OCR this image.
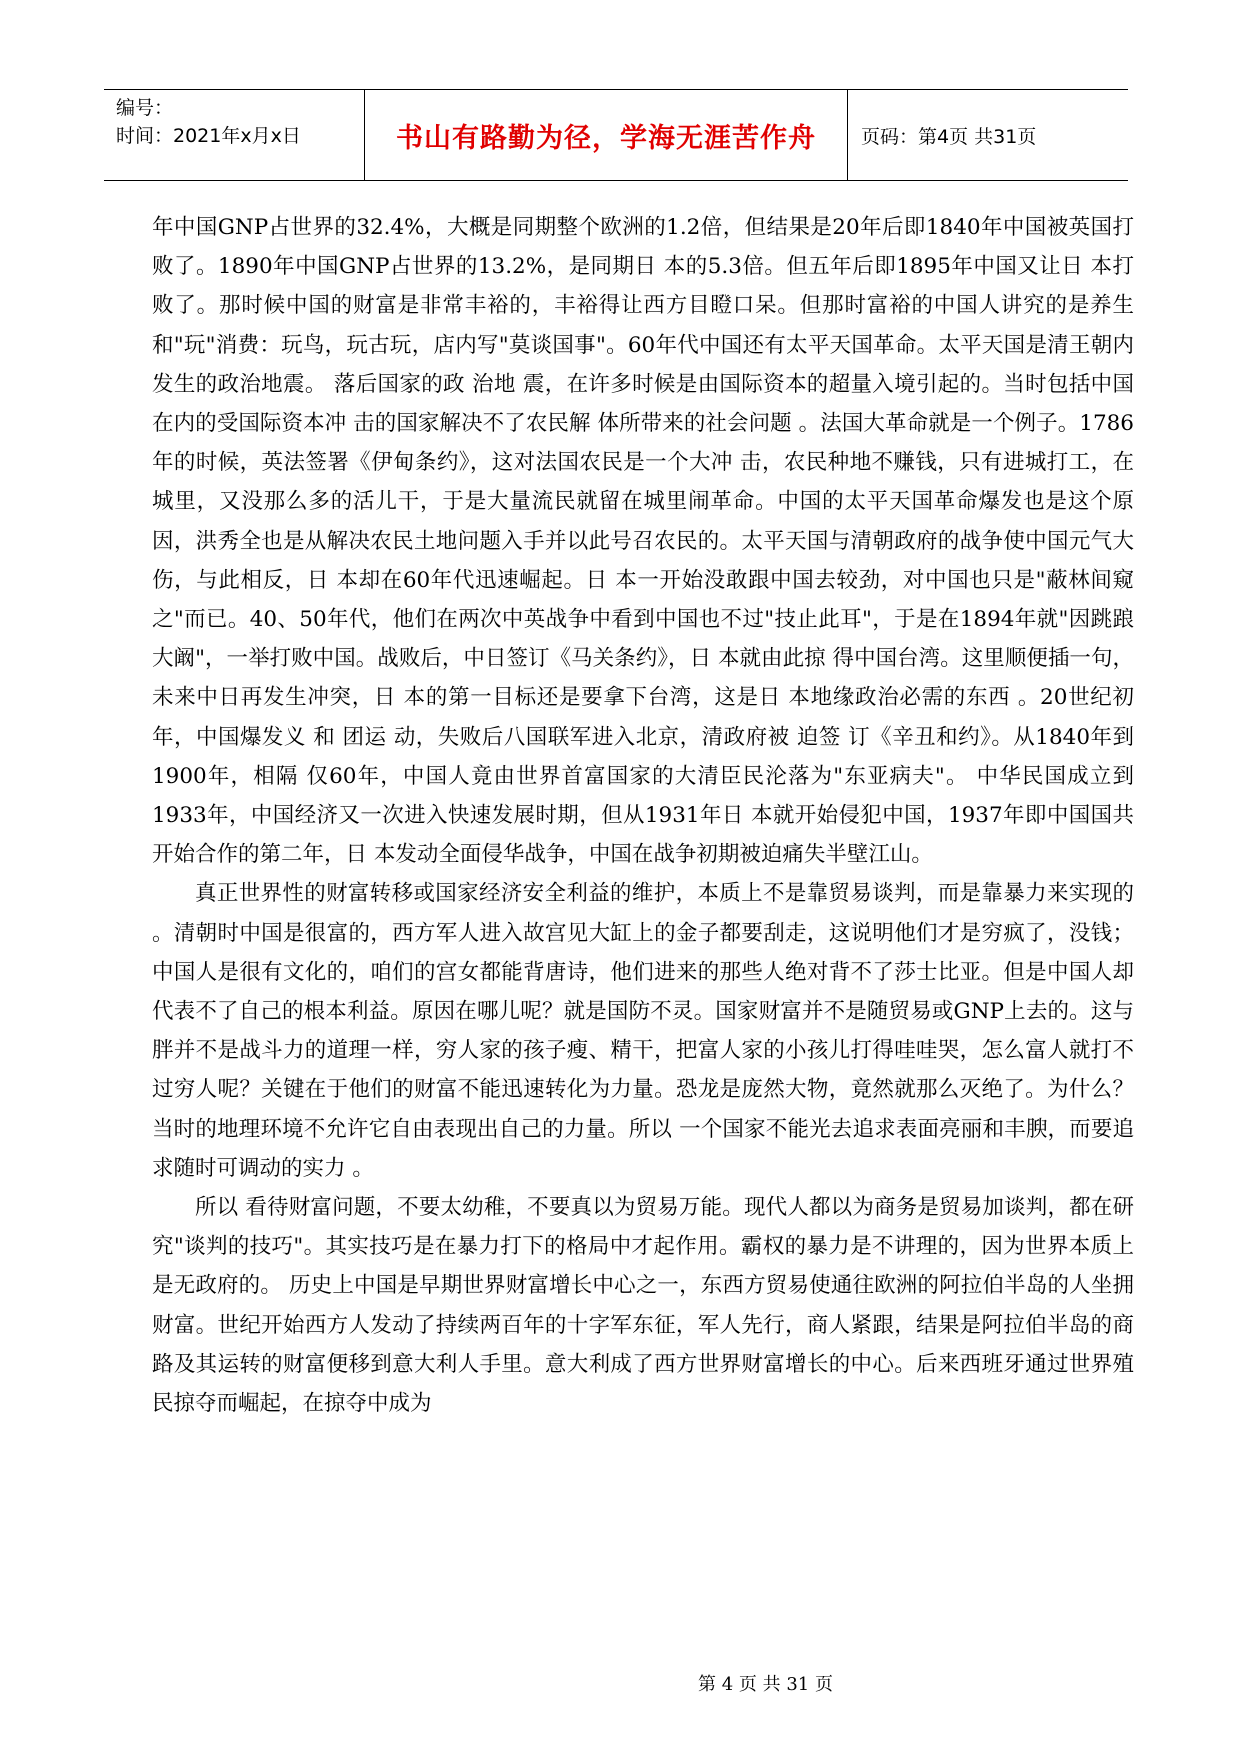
编号：
时间：2021年x月x日	书山有路勤为径，学海无涯苦作舟	页码：第4页 共31页

年中国GNP占世界的32.4%，大概是同期整个欧洲的1.2倍，但结果是20年后即1840年中国被英国打败了。1890年中国GNP占世界的13.2%，是同期日 本的5.3倍。但五年后即1895年中国又让日 本打败了。那时候中国的财富是非常丰裕的，丰裕得让西方目瞪口呆。但那时富裕的中国人讲究的是养生和"玩"消费：玩鸟，玩古玩，店内写"莫谈国事"。60年代中国还有太平天国革命。太平天国是清王朝内发生的政治地震。 落后国家的政 治地 震，在许多时候是由国际资本的超量入境引起的。当时包括中国在内的受国际资本冲 击的国家解决不了农民解 体所带来的社会问题 。法国大革命就是一个例子。1786年的时候，英法签署《伊甸条约》，这对法国农民是一个大冲 击，农民种地不赚钱，只有进城打工，在城里，又没那么多的活儿干，于是大量流民就留在城里闹革命。中国的太平天国革命爆发也是这个原因，洪秀全也是从解决农民土地问题入手并以此号召农民的。太平天国与清朝政府的战争使中国元气大伤，与此相反，日 本却在60年代迅速崛起。日 本一开始没敢跟中国去较劲，对中国也只是"蔽林间窥之"而已。40、50年代，他们在两次中英战争中看到中国也不过"技止此耳"，于是在1894年就"因跳踉大阚"，一举打败中国。战败后，中日签订《马关条约》，日 本就由此掠 得中国台湾。这里顺便插一句， 未来中日再发生冲突，日 本的第一目标还是要拿下台湾，这是日 本地缘政治必需的东西 。20世纪初年，中国爆发义 和 团运 动，失败后八国联军进入北京，清政府被 迫签 订《辛丑和约》。从1840年到1900年，相隔 仅60年，中国人竟由世界首富国家的大清臣民沦落为"东亚病夫"。 中华民国成立到1933年，中国经济又一次进入快速发展时期，但从1931年日 本就开始侵犯中国，1937年即中国国共开始合作的第二年，日 本发动全面侵华战争，中国在战争初期被迫痛失半壁江山。

真正世界性的财富转移或国家经济安全利益的维护，本质上不是靠贸易谈判，而是靠暴力来实现的 。清朝时中国是很富的，西方军人进入故宫见大缸上的金子都要刮走，这说明他们才是穷疯了，没钱；中国人是很有文化的，咱们的宫女都能背唐诗，他们进来的那些人绝对背不了莎士比亚。但是中国人却代表不了自己的根本利益。原因在哪儿呢？就是国防不灵。国家财富并不是随贸易或GNP上去的。这与胖并不是战斗力的道理一样，穷人家的孩子瘦、精干，把富人家的小孩儿打得哇哇哭，怎么富人就打不过穷人呢？关键在于他们的财富不能迅速转化为力量。恐龙是庞然大物，竟然就那么灭绝了。为什么？当时的地理环境不允许它自由表现出自己的力量。所以 一个国家不能光去追求表面亮丽和丰腴，而要追求随时可调动的实力 。

所以 看待财富问题，不要太幼稚，不要真以为贸易万能。现代人都以为商务是贸易加谈判，都在研究"谈判的技巧"。其实技巧是在暴力打下的格局中才起作用。霸权的暴力是不讲理的，因为世界本质上是无政府的。 历史上中国是早期世界财富增长中心之一，东西方贸易使通往欧洲的阿拉伯半岛的人坐拥财富。世纪开始西方人发动了持续两百年的十字军东征，军人先行，商人紧跟，结果是阿拉伯半岛的商路及其运转的财富便移到意大利人手里。意大利成了西方世界财富增长的中心。后来西班牙通过世界殖民掠夺而崛起，在掠夺中成为

第 4 页 共 31 页
